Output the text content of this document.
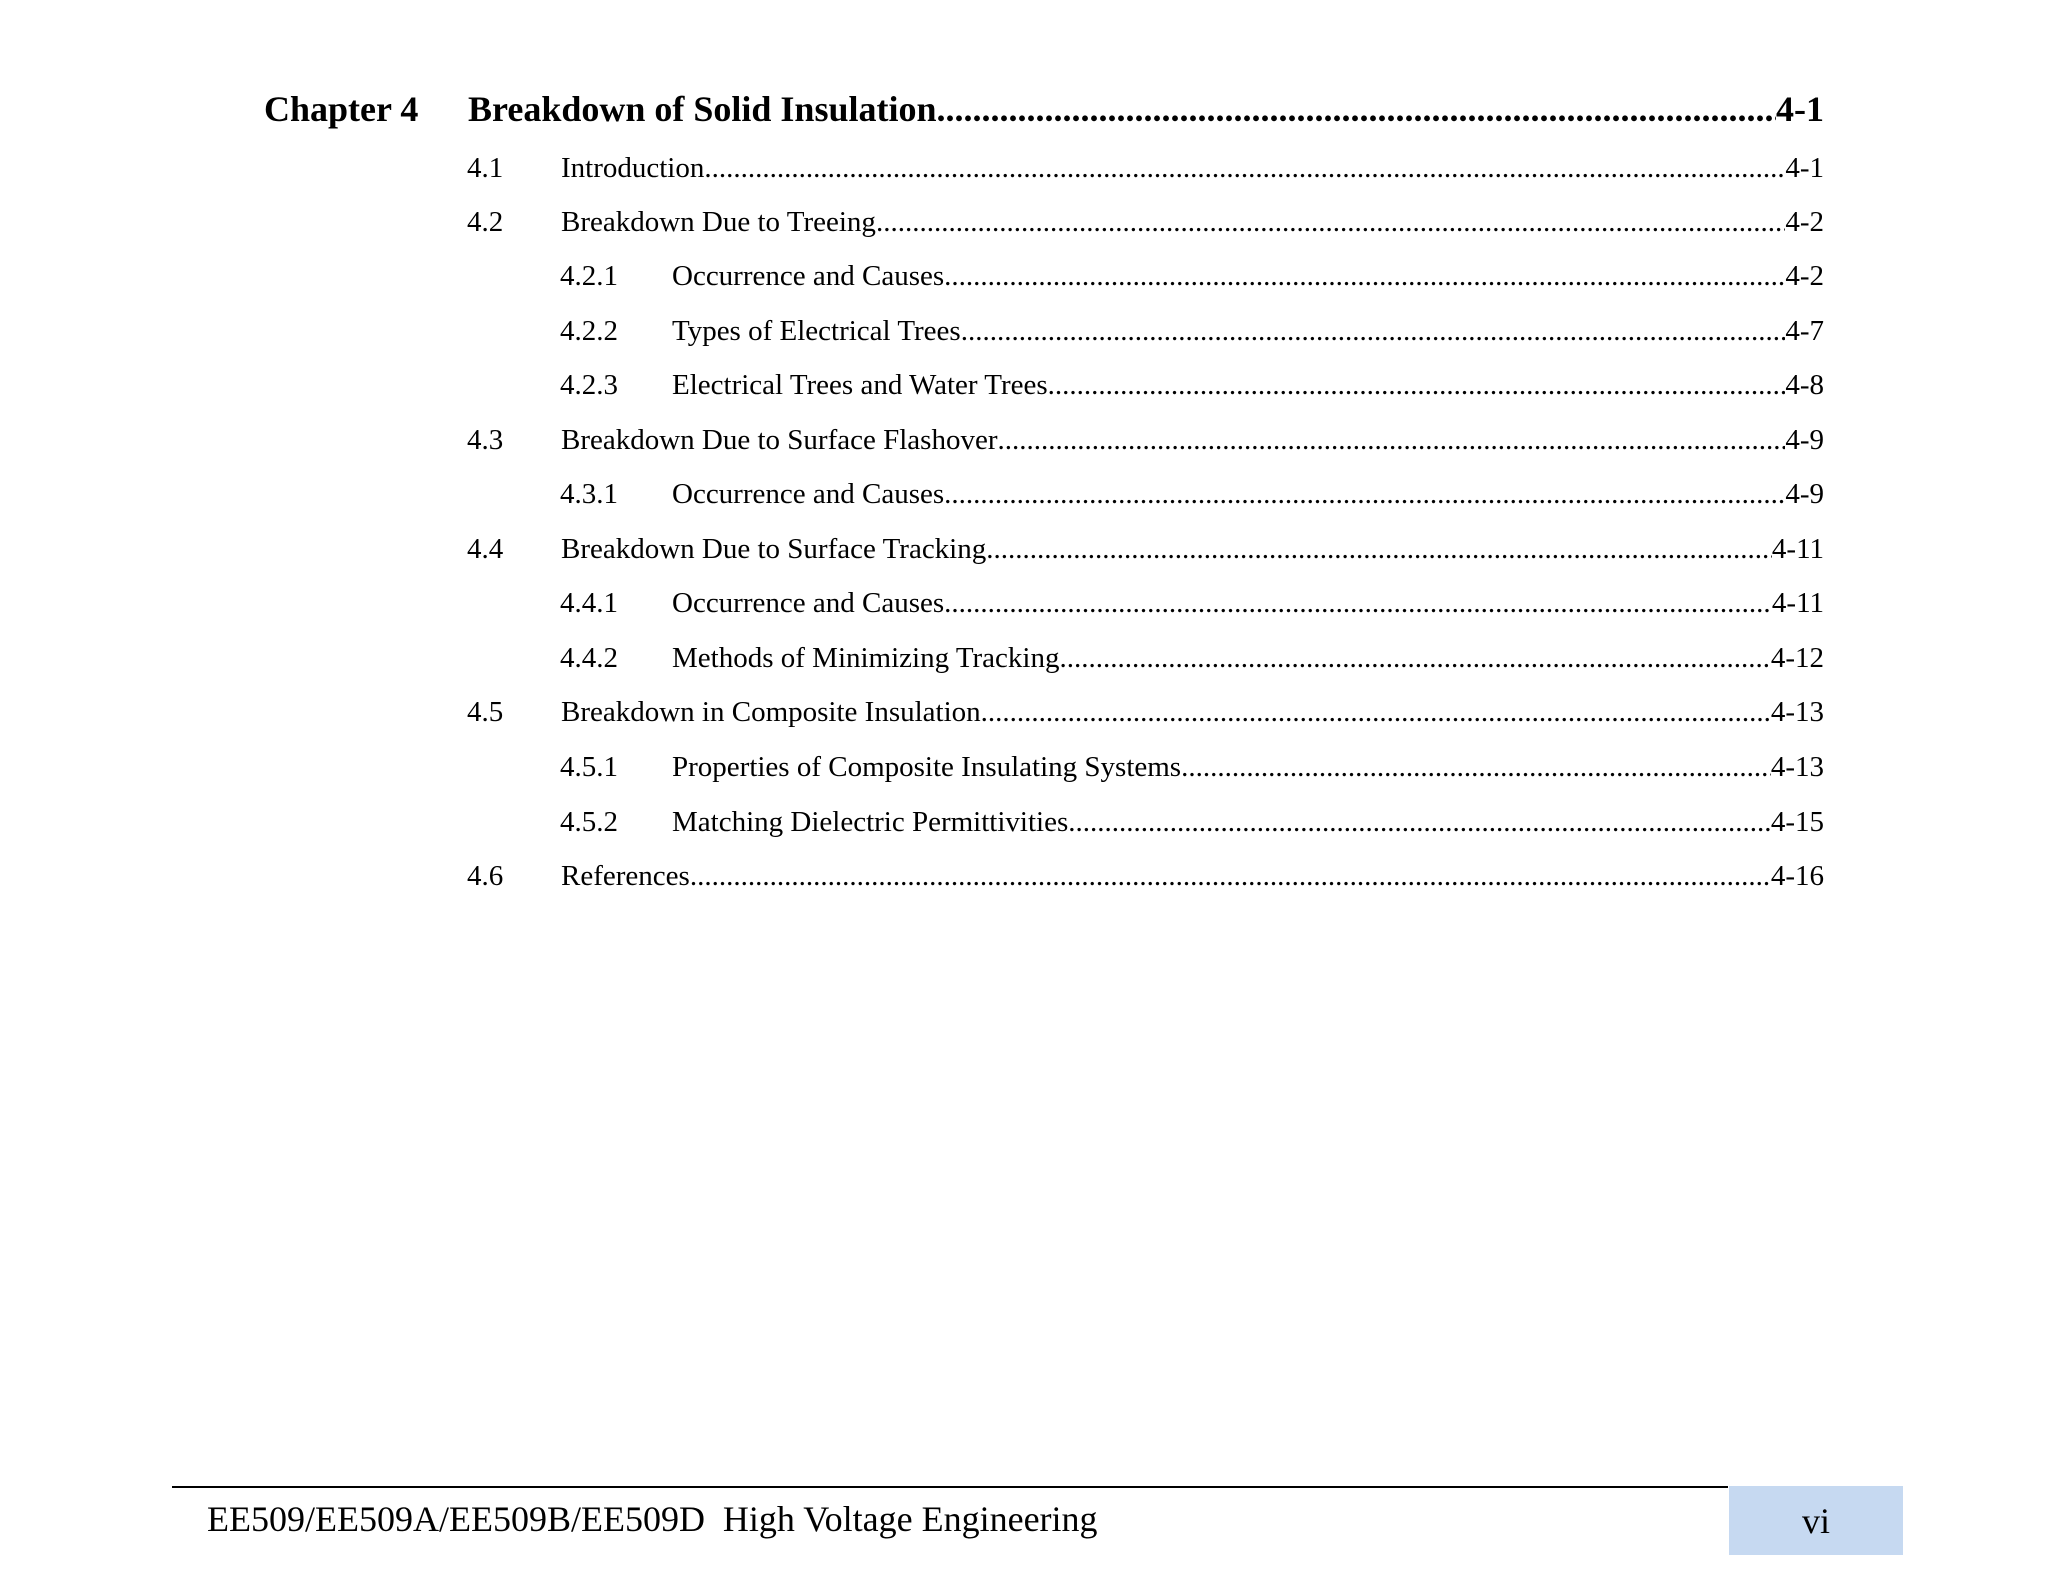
Chapter 4	Breakdown of Solid Insulation .....	4-1
4.1	Introduction .....	4-1
4.2	Breakdown Due to Treeing .....	4-2
4.2.1	Occurrence and Causes .....	4-2
4.2.2	Types of Electrical Trees .....	4-7
4.2.3	Electrical Trees and Water Trees .....	4-8
4.3	Breakdown Due to Surface Flashover .....	4-9
4.3.1	Occurrence and Causes .....	4-9
4.4	Breakdown Due to Surface Tracking .....	4-11
4.4.1	Occurrence and Causes .....	4-11
4.4.2	Methods of Minimizing Tracking .....	4-12
4.5	Breakdown in Composite Insulation .....	4-13
4.5.1	Properties of Composite Insulating Systems .....	4-13
4.5.2	Matching Dielectric Permittivities .....	4-15
4.6	References .....	4-16
EE509/EE509A/EE509B/EE509D  High Voltage Engineering	vi
